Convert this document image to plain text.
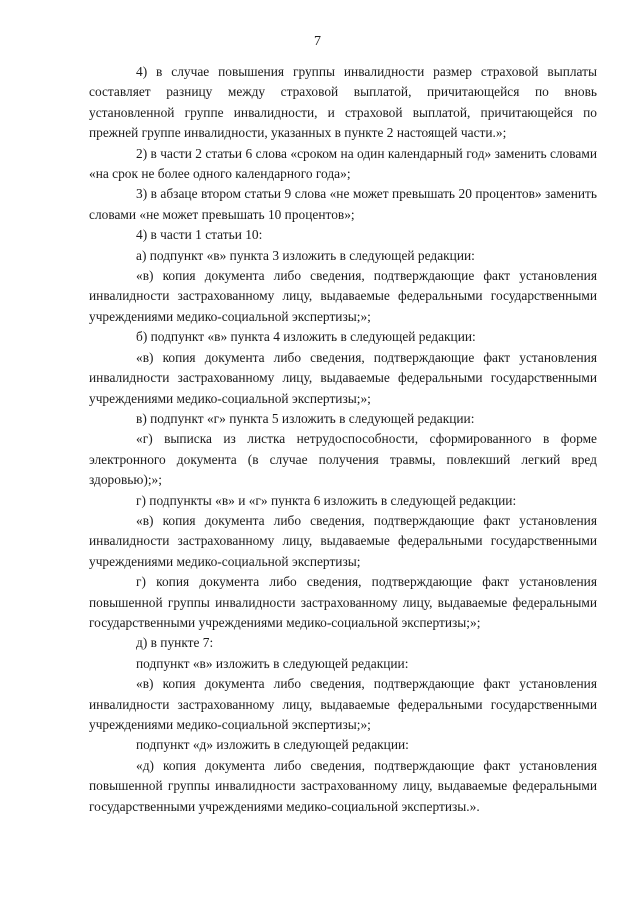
7

4) в случае повышения группы инвалидности размер страховой выплаты составляет разницу между страховой выплатой, причитающейся по вновь установленной группе инвалидности, и страховой выплатой, причитающейся по прежней группе инвалидности, указанных в пункте 2 настоящей части.»;

2) в части 2 статьи 6 слова «сроком на один календарный год» заменить словами «на срок не более одного календарного года»;

3) в абзаце втором статьи 9 слова «не может превышать 20 процентов» заменить словами «не может превышать 10 процентов»;

4) в части 1 статьи 10:

а) подпункт «в» пункта 3 изложить в следующей редакции:

«в) копия документа либо сведения, подтверждающие факт установления инвалидности застрахованному лицу, выдаваемые федеральными государственными учреждениями медико-социальной экспертизы;»;

б) подпункт «в» пункта 4 изложить в следующей редакции:

«в) копия документа либо сведения, подтверждающие факт установления инвалидности застрахованному лицу, выдаваемые федеральными государственными учреждениями медико-социальной экспертизы;»;

в) подпункт «г» пункта 5 изложить в следующей редакции:

«г) выписка из листка нетрудоспособности, сформированного в форме электронного документа (в случае получения травмы, повлекший легкий вред здоровью);»;

г) подпункты «в» и «г» пункта 6 изложить в следующей редакции:

«в) копия документа либо сведения, подтверждающие факт установления инвалидности застрахованному лицу, выдаваемые федеральными государственными учреждениями медико-социальной экспертизы;

г) копия документа либо сведения, подтверждающие факт установления повышенной группы инвалидности застрахованному лицу, выдаваемые федеральными государственными учреждениями медико-социальной экспертизы;»;

д) в пункте 7:

подпункт «в» изложить в следующей редакции:

«в) копия документа либо сведения, подтверждающие факт установления инвалидности застрахованному лицу, выдаваемые федеральными государственными учреждениями медико-социальной экспертизы;»;

подпункт «д» изложить в следующей редакции:

«д) копия документа либо сведения, подтверждающие факт установления повышенной группы инвалидности застрахованному лицу, выдаваемые федеральными государственными учреждениями медико-социальной экспертизы.».
